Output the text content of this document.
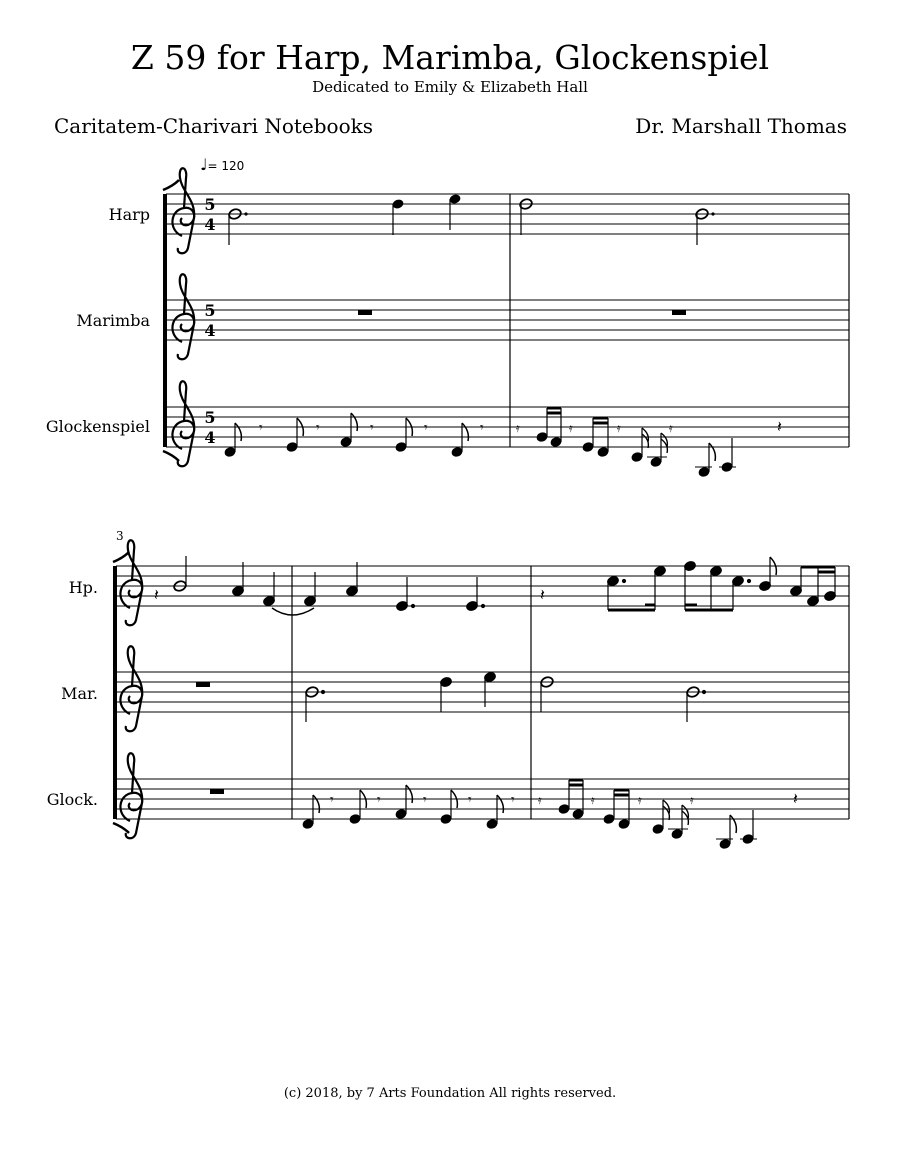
Z 59 for Harp, Marimba, Glockenspiel
Dedicated to Emily & Elizabeth Hall
Caritatem-Charivari Notebooks	Dr. Marshall Thomas
♩= 120
Harp
Marimba
Glockenspiel
Hp.
Mar.
Glock.
3
5
4
5
4
5
4	𝄾	𝄾	𝄾	𝄾	𝄾	𝄿	𝄿	𝄿	𝄿	𝄽
𝄽	𝄽
𝄾	𝄾	𝄾	𝄾	𝄾 𝄿	𝄿	𝄿	𝄿	𝄽
(c) 2018, by 7 Arts Foundation All rights reserved.
